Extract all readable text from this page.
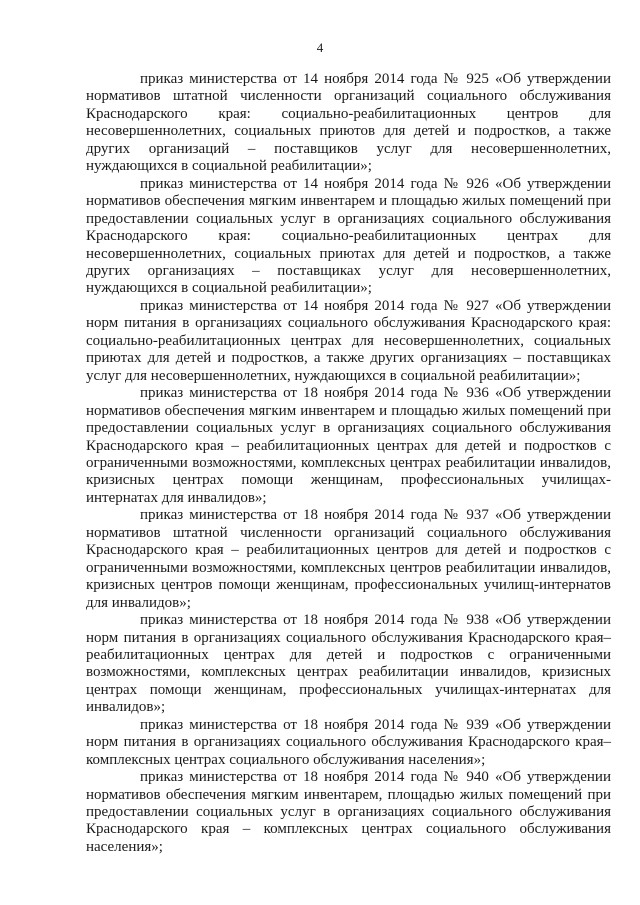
4

приказ министерства от 14 ноября 2014 года № 925 «Об утверждении нормативов штатной численности организаций социального обслуживания Краснодарского края: социально-реабилитационных центров для несовершеннолетних, социальных приютов для детей и подростков, а также других организаций – поставщиков услуг для несовершеннолетних, нуждающихся в социальной реабилитации»;

приказ министерства от 14 ноября 2014 года № 926 «Об утверждении нормативов обеспечения мягким инвентарем и площадью жилых помещений при предоставлении социальных услуг в организациях социального обслуживания Краснодарского края: социально-реабилитационных центрах для несовершеннолетних, социальных приютах для детей и подростков, а также других организациях – поставщиках услуг для несовершеннолетних, нуждающихся в социальной реабилитации»;

приказ министерства от 14 ноября 2014 года № 927 «Об утверждении норм питания в организациях социального обслуживания Краснодарского края: социально-реабилитационных центрах для несовершеннолетних, социальных приютах для детей и подростков, а также других организациях – поставщиках услуг для несовершеннолетних, нуждающихся в социальной реабилитации»;

приказ министерства от 18 ноября 2014 года № 936 «Об утверждении нормативов обеспечения мягким инвентарем и площадью жилых помещений при предоставлении социальных услуг в организациях социального обслуживания Краснодарского края – реабилитационных центрах для детей и подростков с ограниченными возможностями, комплексных центрах реабилитации инвалидов, кризисных центрах помощи женщинам, профессиональных училищах-интернатах для инвалидов»;

приказ министерства от 18 ноября 2014 года № 937 «Об утверждении нормативов штатной численности организаций социального обслуживания Краснодарского края – реабилитационных центров для детей и подростков с ограниченными возможностями, комплексных центров реабилитации инвалидов, кризисных центров помощи женщинам, профессиональных училищ-интернатов для инвалидов»;

приказ министерства от 18 ноября 2014 года № 938 «Об утверждении норм питания в организациях социального обслуживания Краснодарского края–реабилитационных центрах для детей и подростков с ограниченными возможностями, комплексных центрах реабилитации инвалидов, кризисных центрах помощи женщинам, профессиональных училищах-интернатах для инвалидов»;

приказ министерства от 18 ноября 2014 года № 939 «Об утверждении норм питания в организациях социального обслуживания Краснодарского края–комплексных центрах социального обслуживания населения»;

приказ министерства от 18 ноября 2014 года № 940 «Об утверждении нормативов обеспечения мягким инвентарем, площадью жилых помещений при предоставлении социальных услуг в организациях социального обслуживания Краснодарского края – комплексных центрах социального обслуживания населения»;
